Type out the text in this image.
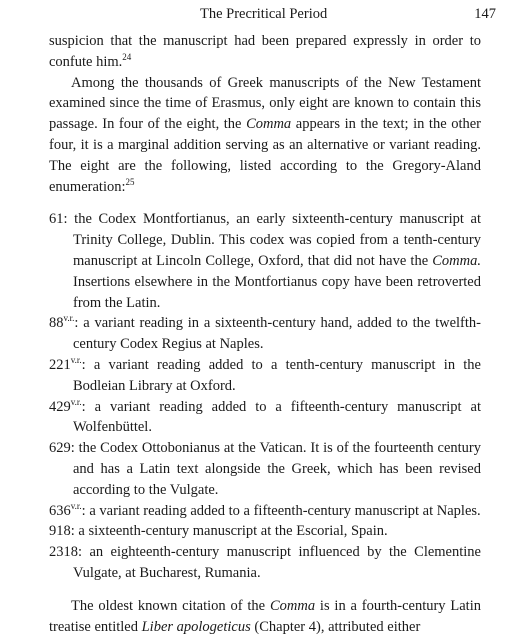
The Precritical Period	147

suspicion that the manuscript had been prepared expressly in order to confute him.$^{24}$

Among the thousands of Greek manuscripts of the New Testament examined since the time of Erasmus, only eight are known to contain this passage. In four of the eight, the Comma appears in the text; in the other four, it is a marginal addition serving as an alternative or variant reading. The eight are the following, listed according to the Gregory-Aland enumeration:$^{25}$

61: the Codex Montfortianus, an early sixteenth-century manuscript at Trinity College, Dublin. This codex was copied from a tenth-century manuscript at Lincoln College, Oxford, that did not have the Comma. Insertions elsewhere in the Montfortianus copy have been retroverted from the Latin.

$88^{v.r.}$: a variant reading in a sixteenth-century hand, added to the twelfth-century Codex Regius at Naples.

$221^{v.r.}$: a variant reading added to a tenth-century manuscript in the Bodleian Library at Oxford.

$429^{v.r.}$: a variant reading added to a fifteenth-century manuscript at Wolfenbüttel.

629: the Codex Ottobonianus at the Vatican. It is of the fourteenth century and has a Latin text alongside the Greek, which has been revised according to the Vulgate.

$636^{v.r.}$: a variant reading added to a fifteenth-century manuscript at Naples.

918: a sixteenth-century manuscript at the Escorial, Spain.

2318: an eighteenth-century manuscript influenced by the Clementine Vulgate, at Bucharest, Rumania.

The oldest known citation of the Comma is in a fourth-century Latin treatise entitled Liber apologeticus (Chapter 4), attributed either
